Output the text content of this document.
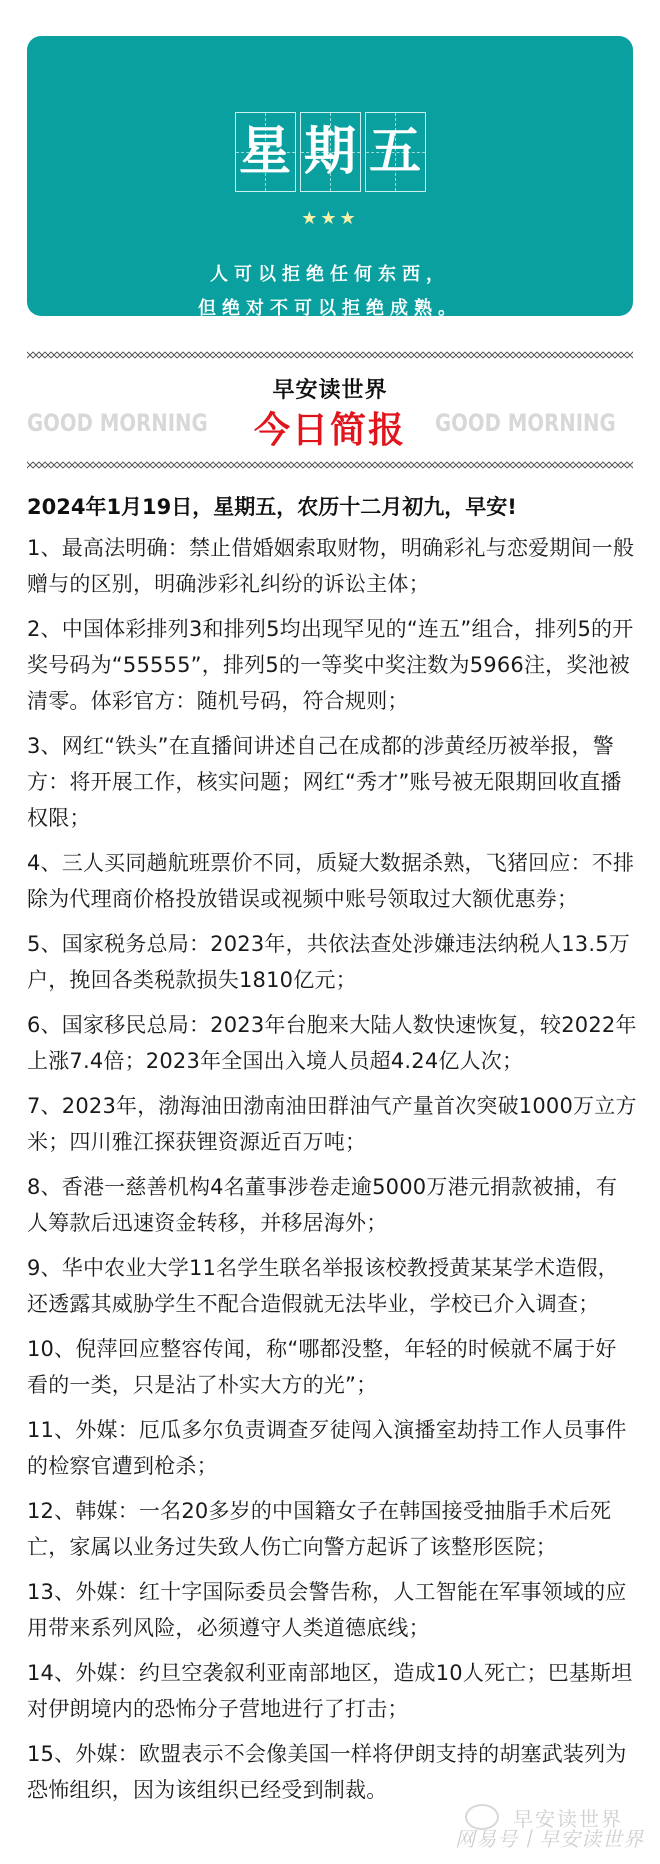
星 期 五
★★★
人可以拒绝任何东西，
但绝对不可以拒绝成熟。
早安读世界
GOOD MORNING	今日简报	GOOD MORNING
2024年1月19日，星期五，农历十二月初九，早安!
1、最高法明确：禁止借婚姻索取财物，明确彩礼与恋爱期间一般赠与的区别，明确涉彩礼纠纷的诉讼主体；
2、中国体彩排列3和排列5均出现罕见的“连五”组合，排列5的开奖号码为“55555”，排列5的一等奖中奖注数为5966注，奖池被清零。体彩官方：随机号码，符合规则；
3、网红“铁头”在直播间讲述自己在成都的涉黄经历被举报，警方：将开展工作，核实问题；网红“秀才”账号被无限期回收直播权限；
4、三人买同趟航班票价不同，质疑大数据杀熟，飞猪回应：不排除为代理商价格投放错误或视频中账号领取过大额优惠券；
5、国家税务总局：2023年，共依法查处涉嫌违法纳税人13.5万户，挽回各类税款损失1810亿元；
6、国家移民总局：2023年台胞来大陆人数快速恢复，较2022年上涨7.4倍；2023年全国出入境人员超4.24亿人次；
7、2023年，渤海油田渤南油田群油气产量首次突破1000万立方米；四川雅江探获锂资源近百万吨；
8、香港一慈善机构4名董事涉卷走逾5000万港元捐款被捕，有人筹款后迅速资金转移，并移居海外；
9、华中农业大学11名学生联名举报该校教授黄某某学术造假，还透露其威胁学生不配合造假就无法毕业，学校已介入调查；
10、倪萍回应整容传闻，称“哪都没整，年轻的时候就不属于好看的一类，只是沾了朴实大方的光”；
11、外媒：厄瓜多尔负责调查歹徒闯入演播室劫持工作人员事件的检察官遭到枪杀；
12、韩媒：一名20多岁的中国籍女子在韩国接受抽脂手术后死亡，家属以业务过失致人伤亡向警方起诉了该整形医院；
13、外媒：红十字国际委员会警告称，人工智能在军事领域的应用带来系列风险，必须遵守人类道德底线；
14、外媒：约旦空袭叙利亚南部地区，造成10人死亡；巴基斯坦对伊朗境内的恐怖分子营地进行了打击；
15、外媒：欧盟表示不会像美国一样将伊朗支持的胡塞武装列为恐怖组织，因为该组织已经受到制裁。
早安读世界
网易号丨早安读世界
